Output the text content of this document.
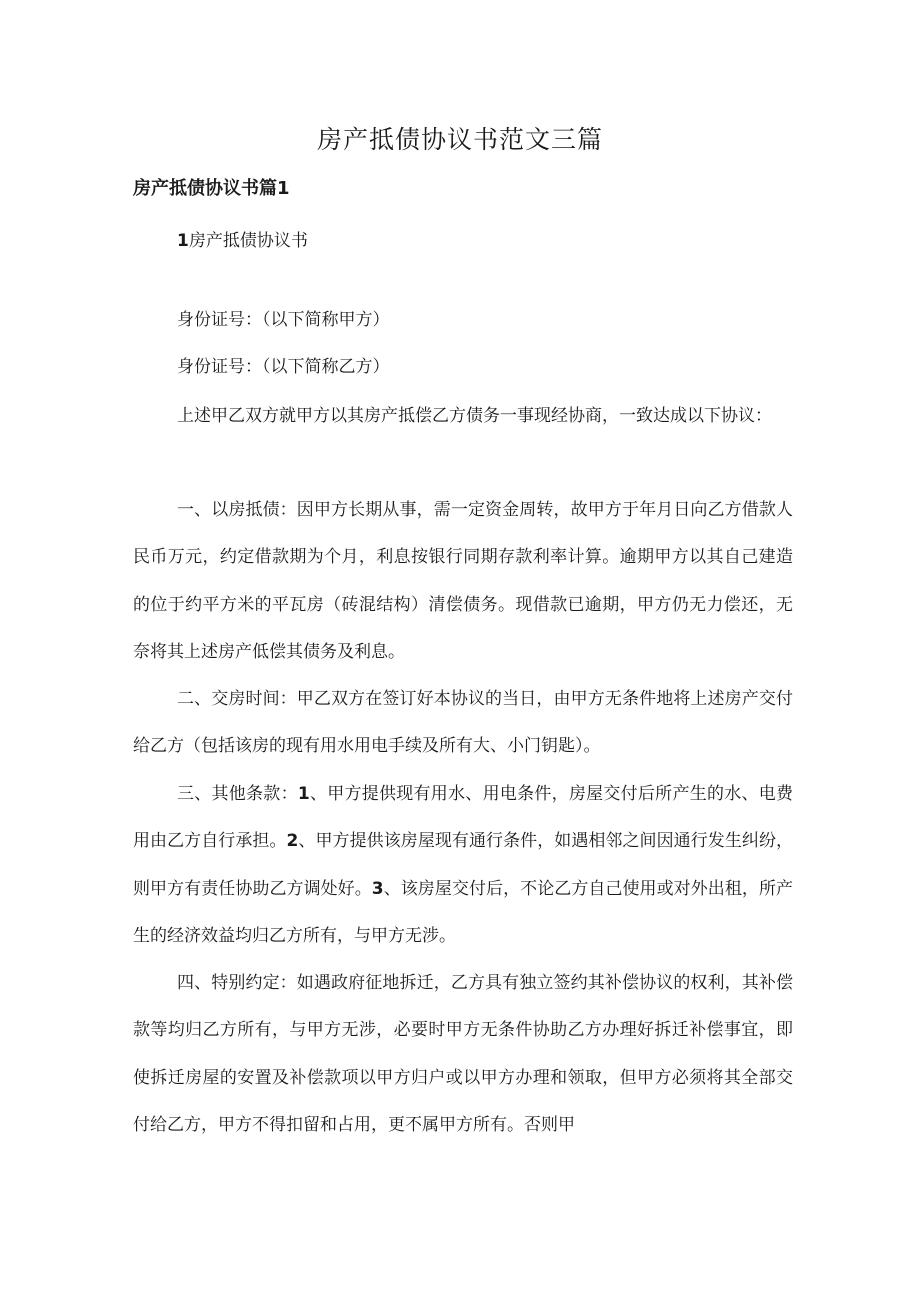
房产抵债协议书范文三篇
房产抵债协议书篇1

1房产抵债协议书

身份证号：（以下简称甲方）

身份证号：（以下简称乙方）

上述甲乙双方就甲方以其房产抵偿乙方债务一事现经协商，一致达成以下协议：

一、以房抵债：因甲方长期从事，需一定资金周转，故甲方于年月日向乙方借款人民币万元，约定借款期为个月，利息按银行同期存款利率计算。逾期甲方以其自己建造的位于约平方米的平瓦房（砖混结构）清偿债务。现借款已逾期，甲方仍无力偿还，无奈将其上述房产低偿其债务及利息。

二、交房时间：甲乙双方在签订好本协议的当日，由甲方无条件地将上述房产交付给乙方（包括该房的现有用水用电手续及所有大、小门钥匙）。

三、其他条款：1、甲方提供现有用水、用电条件，房屋交付后所产生的水、电费用由乙方自行承担。2、甲方提供该房屋现有通行条件，如遇相邻之间因通行发生纠纷，则甲方有责任协助乙方调处好。3、该房屋交付后，不论乙方自己使用或对外出租，所产生的经济效益均归乙方所有，与甲方无涉。

四、特别约定：如遇政府征地拆迁，乙方具有独立签约其补偿协议的权利，其补偿款等均归乙方所有，与甲方无涉，必要时甲方无条件协助乙方办理好拆迁补偿事宜，即使拆迁房屋的安置及补偿款项以甲方归户或以甲方办理和领取，但甲方必须将其全部交付给乙方，甲方不得扣留和占用，更不属甲方所有。否则甲
